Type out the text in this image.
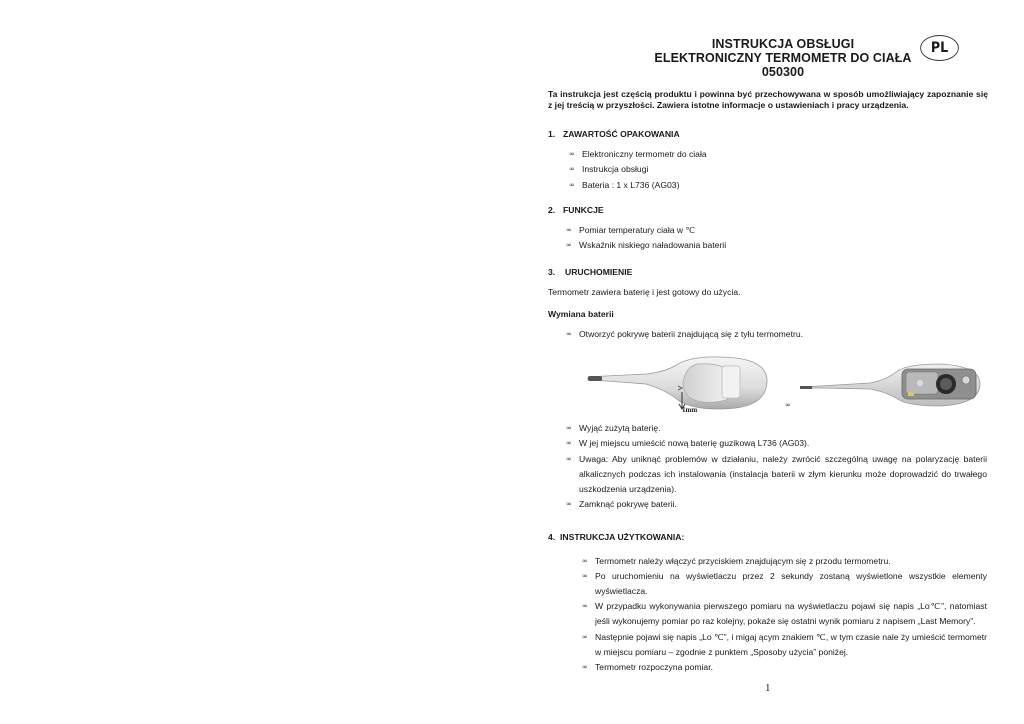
INSTRUKCJA OBSŁUGI
ELEKTRONICZNY TERMOMETR DO CIAŁA
050300
PL
Ta instrukcja jest częścią produktu i powinna być przechowywana w sposób umożliwiający zapoznanie się z jej treścią w przyszłości. Zawiera istotne informacje o ustawieniach i pracy urządzenia.
1. ZAWARTOŚĆ OPAKOWANIA
∞ Elektroniczny termometr do ciała
∞ Instrukcja obsługi
∞ Bateria : 1 x L736 (AG03)
2. FUNKCJE
∞ Pomiar temperatury ciała w ℃
∞ Wskaźnik niskiego naładowania baterii
3. URUCHOMIENIE
Termometr zawiera baterię i jest gotowy do użycia.
Wymiana baterii
∞ Otworzyć pokrywę baterii znajdującą się z tyłu termometru.
1mm
∞
∞ Wyjąć zużytą baterię.
∞ W jej miejscu umieścić nową baterię guzikową L736 (AG03).
∞ Uwaga: Aby uniknąć problemów w działaniu, należy zwrócić szczególną uwagę na polaryzację baterii alkalicznych podczas ich instalowania (instalacja baterii w złym kierunku może doprowadzić do trwałego uszkodzenia urządzenia).
∞ Zamknąć pokrywę baterii.
4. INSTRUKCJA UŻYTKOWANIA:
∞ Termometr należy włączyć przyciskiem znajdującym się z przodu termometru.
∞ Po uruchomieniu na wyświetlaczu przez 2 sekundy zostaną wyświetlone wszystkie elementy wyświetlacza.
∞ W przypadku wykonywania pierwszego pomiaru na wyświetlaczu pojawi się napis „Lo℃”, natomiast jeśli wykonujemy pomiar po raz kolejny, pokaże się ostatni wynik pomiaru z napisem „Last Memory”.
∞ Następnie pojawi się napis „Lo ℃”, i migaj ącym znakiem ℃, w tym czasie nale ży umieścić termometr w miejscu pomiaru – zgodnie z punktem „Sposoby użycia” poniżej.
∞ Termometr rozpoczyna pomiar.
1
